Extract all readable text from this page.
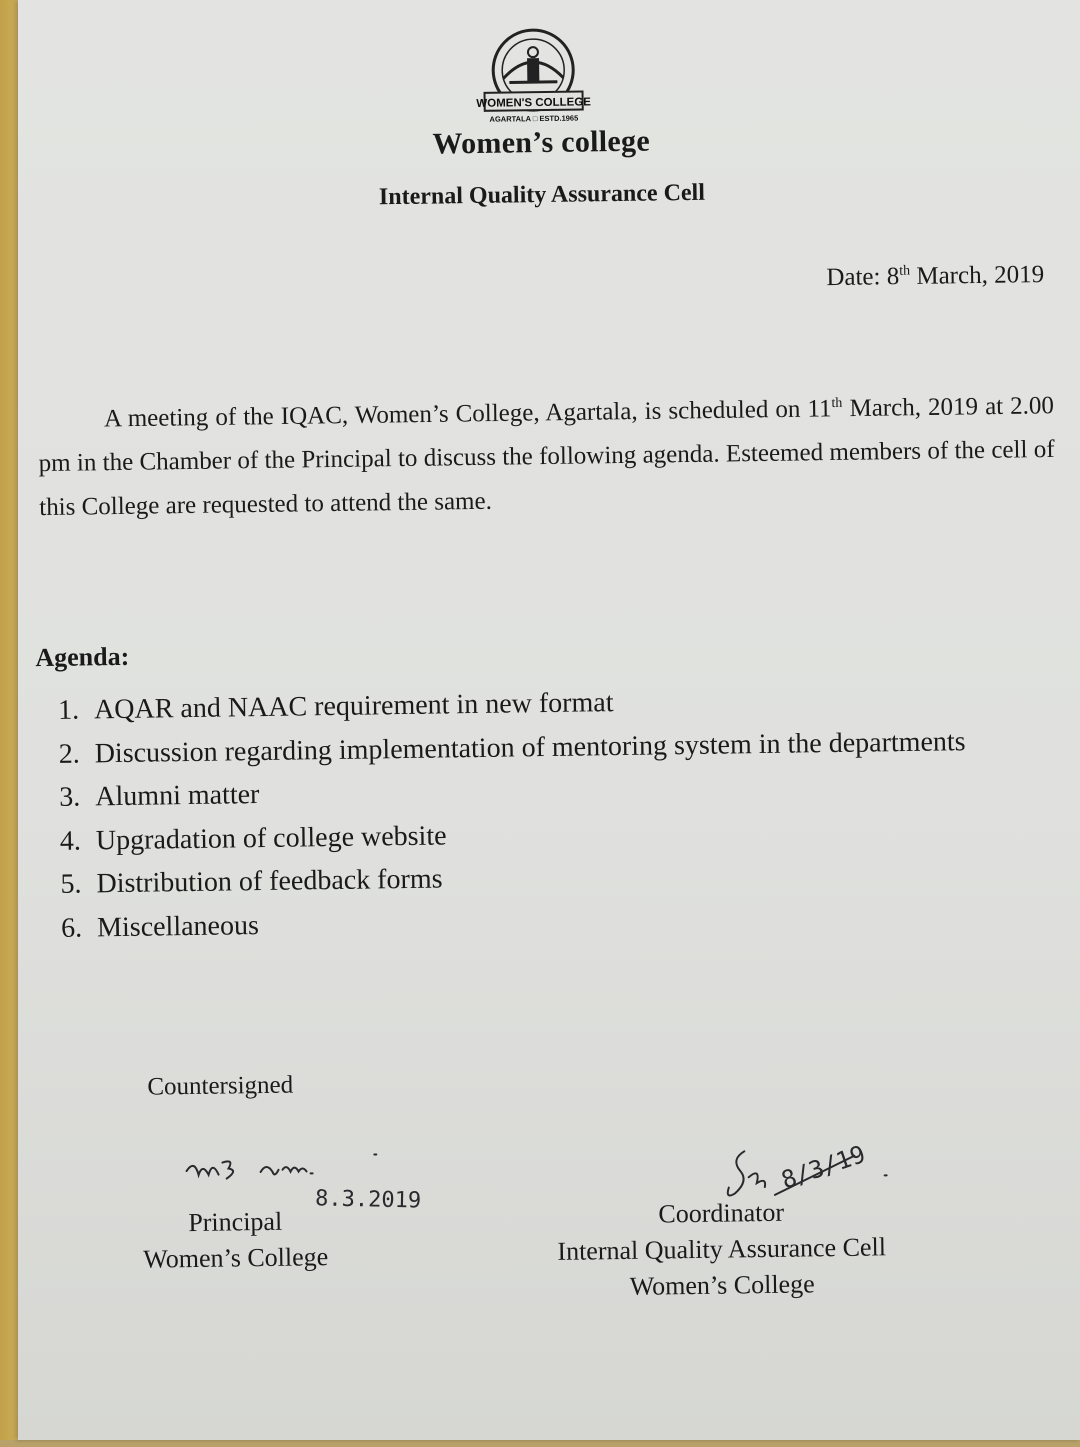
WOMEN'S COLLEGE
AGARTALA □ ESTD.1965
Women’s college
Internal Quality Assurance Cell
Date: 8th March, 2019
A meeting of the IQAC, Women’s College, Agartala, is scheduled on 11th March, 2019 at 2.00 pm in the Chamber of the Principal to discuss the following agenda. Esteemed members of the cell of this College are requested to attend the same.
Agenda:
1. AQAR and NAAC requirement in new format
2. Discussion regarding implementation of mentoring system in the departments
3. Alumni matter
4. Upgradation of college website
5. Distribution of feedback forms
6. Miscellaneous
Countersigned
8.3.2019
Principal
Women’s College
8/3/19
Coordinator
Internal Quality Assurance Cell
Women’s College
